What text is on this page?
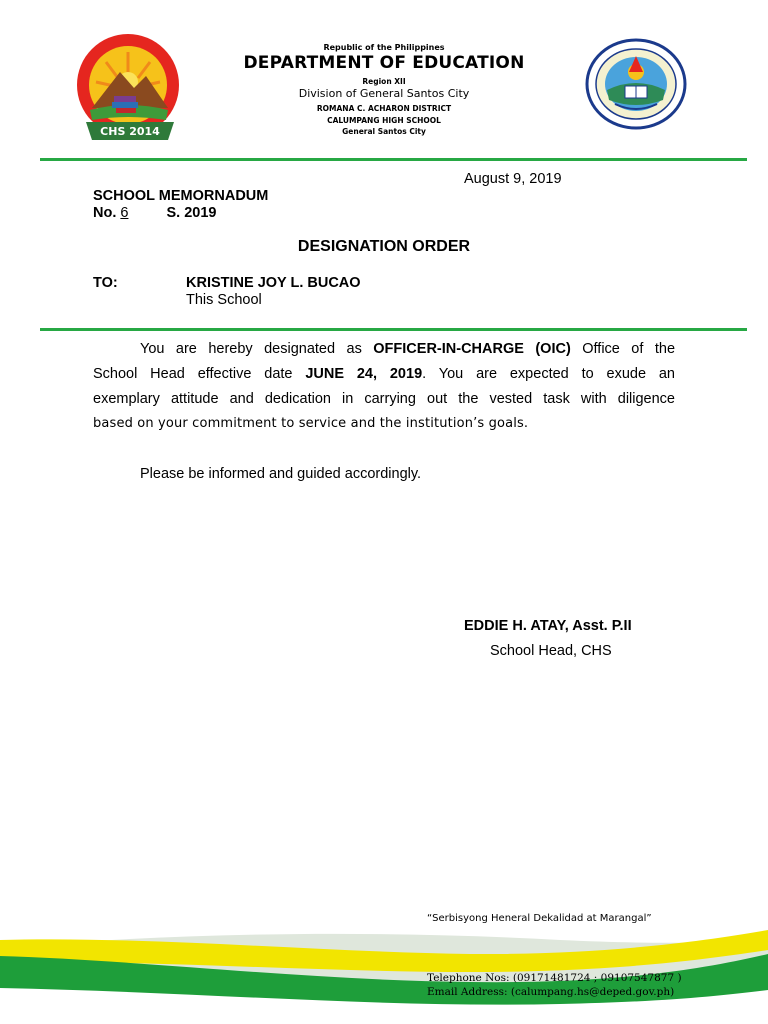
CHS 2014
Republic of the Philippines
DEPARTMENT OF EDUCATION
Region XII
Division of General Santos City
ROMANA C. ACHARON DISTRICT
CALUMPANG HIGH SCHOOL
General Santos City
August 9, 2019
SCHOOL MEMORNADUM
No. 6	S. 2019
DESIGNATION ORDER
TO:	KRISTINE JOY L. BUCAO
This School
You are hereby designated as OFFICER-IN-CHARGE (OIC) Office of the
School Head effective date JUNE 24, 2019. You are expected to exude an
exemplary attitude and dedication in carrying out the vested task with diligence
based on your commitment to service and the institution’s goals.
Please be informed and guided accordingly.
EDDIE H. ATAY, Asst. P.II
School Head, CHS
“Serbisyong Heneral Dekalidad at Marangal”
Telephone Nos: (09171481724 ; 09107547877 )
Email Address: (calumpang.hs@deped.gov.ph)
